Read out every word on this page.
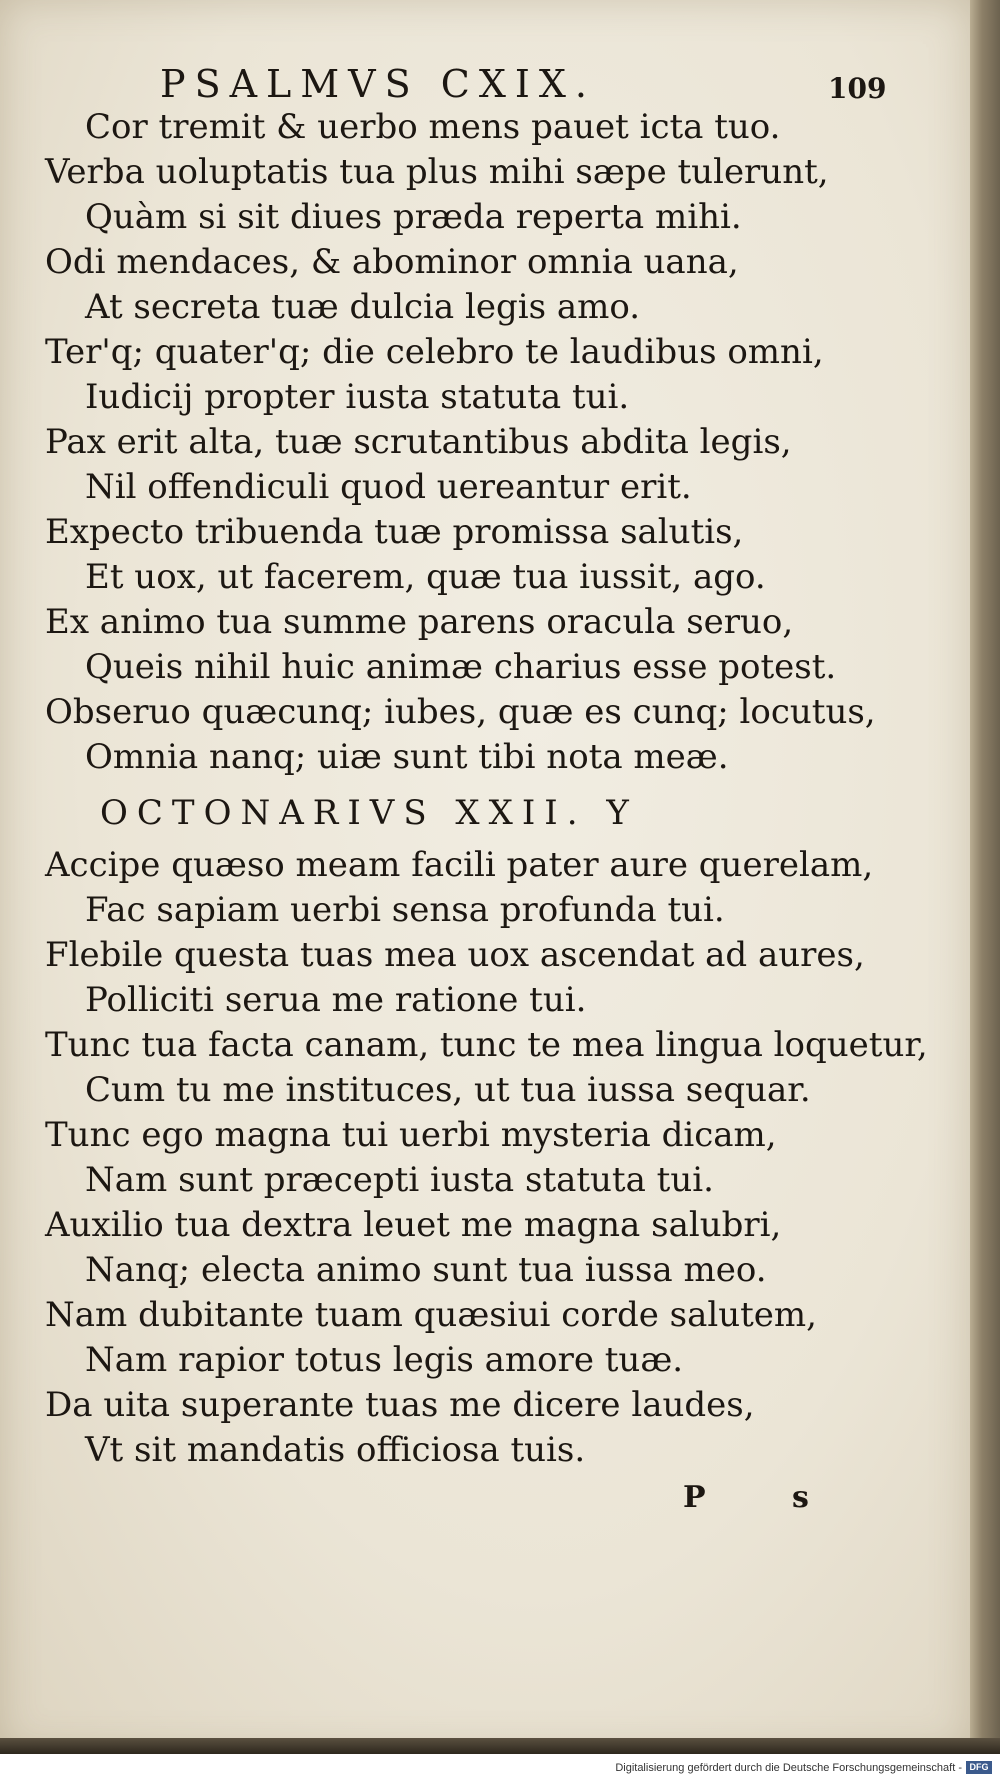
PSALMVS CXIX.	109
Cor tremit & uerbo mens pauet icta tuo.
Verba uoluptatis tua plus mihi sæpe tulerunt,
Quàm si sit diues præda reperta mihi.
Odi mendaces, & abominor omnia uana,
At secreta tuæ dulcia legis amo.
Ter'q; quater'q; die celebro te laudibus omni,
Iudicij propter iusta statuta tui.
Pax erit alta, tuæ scrutantibus abdita legis,
Nil offendiculi quod uereantur erit.
Expecto tribuenda tuæ promissa salutis,
Et uox, ut facerem, quæ tua iussit, ago.
Ex animo tua summe parens oracula seruo,
Queis nihil huic animæ charius esse potest.
Obseruo quæcunq; iubes, quæ es cunq; locutus,
Omnia nanq; uiæ sunt tibi nota meæ.
OCTONARIVS XXII. Y
Accipe quæso meam facili pater aure querelam,
Fac sapiam uerbi sensa profunda tui.
Flebile questa tuas mea uox ascendat ad aures,
Polliciti serua me ratione tui.
Tunc tua facta canam, tunc te mea lingua loquetur,
Cum tu me instituces, ut tua iussa sequar.
Tunc ego magna tui uerbi mysteria dicam,
Nam sunt præcepti iusta statuta tui.
Auxilio tua dextra leuet me magna salubri,
Nanq; electa animo sunt tua iussa meo.
Nam dubitante tuam quæsiui corde salutem,
Nam rapior totus legis amore tuæ.
Da uita superante tuas me dicere laudes,
Vt sit mandatis officiosa tuis.
P s
Digitalisierung gefördert durch die Deutsche Forschungsgemeinschaft - DFG
